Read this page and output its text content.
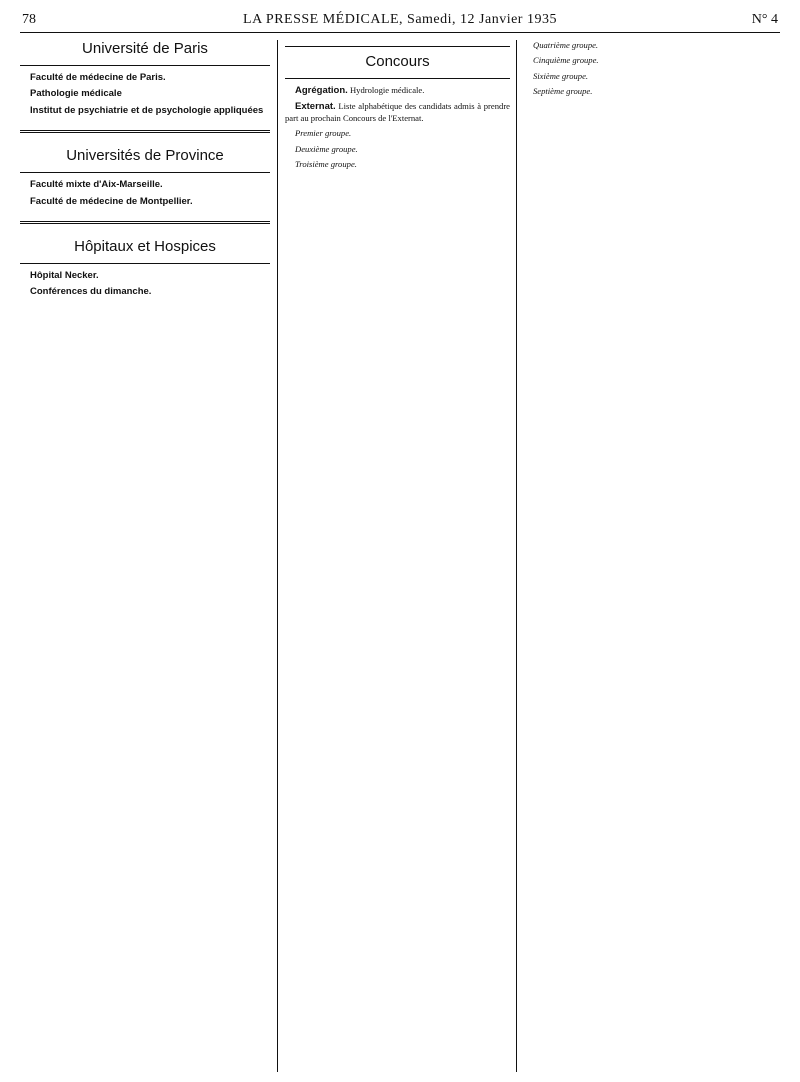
78	LA PRESSE MÉDICALE, Samedi, 12 Janvier 1935	N° 4
Université de Paris
Faculté de médecine de Paris.
Pathologie médicale
Institut de psychiatrie et de psychologie appliquées
Universités de Province
Faculté mixte d'Aix-Marseille.
Faculté de médecine de Montpellier.
Hôpitaux et Hospices
Hôpital Necker.
Conférences du dimanche.
Concours
Agrégation. Hydrologie médicale.
Externat. Liste alphabétique des candidats admis à prendre part au prochain Concours de l'Externat.
Premier groupe.
Deuxième groupe.
Troisième groupe.
Quatrième groupe.
Cinquième groupe.
Sixième groupe.
Septième groupe.
